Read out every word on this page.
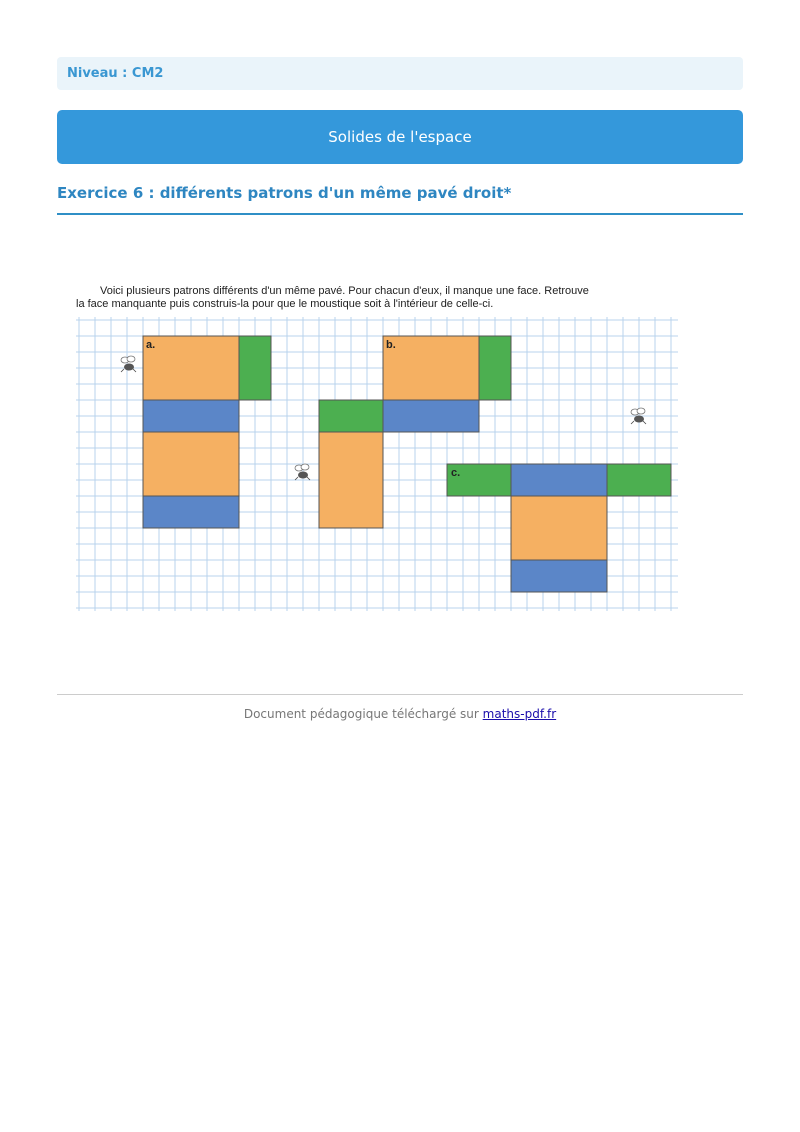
Niveau : CM2
Solides de l'espace
Exercice 6 : différents patrons d'un même pavé droit*
Voici plusieurs patrons différents d'un même pavé. Pour chacun d'eux, il manque une face. Retrouve
la face manquante puis construis-la pour que le moustique soit à l'intérieur de celle-ci.
a.	b.
c.
Document pédagogique téléchargé sur maths-pdf.fr
